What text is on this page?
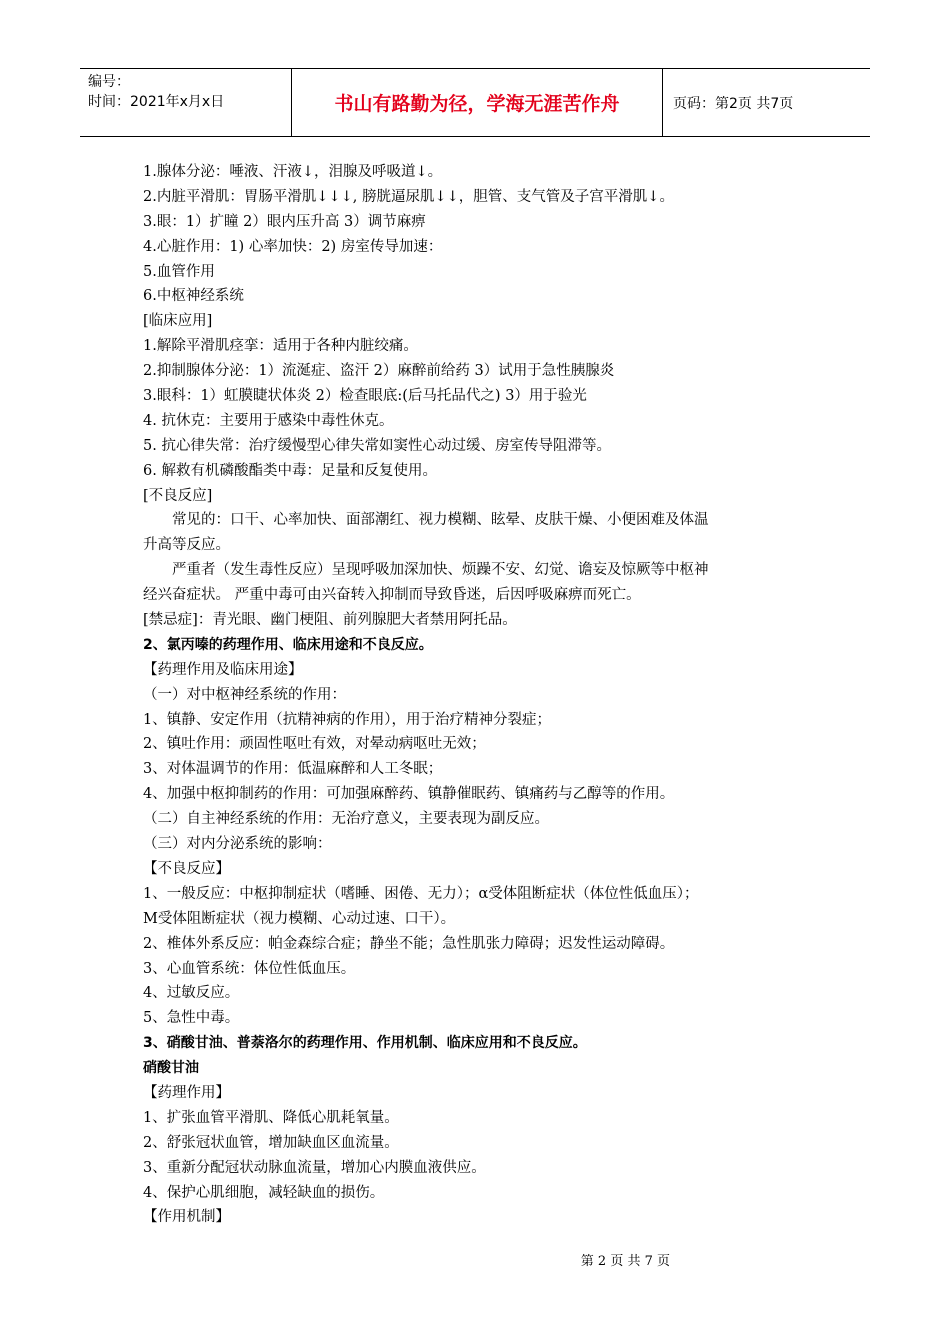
编号：
时间：2021年x月x日	书山有路勤为径，学海无涯苦作舟	页码：第2页 共7页
1.腺体分泌：唾液、汗液↓，泪腺及呼吸道↓。
2.内脏平滑肌：胃肠平滑肌↓↓↓, 膀胱逼尿肌↓↓，胆管、支气管及子宫平滑肌↓。
3.眼：1）扩瞳 2）眼内压升高 3）调节麻痹
4.心脏作用：1) 心率加快：2) 房室传导加速：
5.血管作用
6.中枢神经系统
[临床应用]
1.解除平滑肌痉挛：适用于各种内脏绞痛。
2.抑制腺体分泌：1）流涎症、盗汗 2）麻醉前给药 3）试用于急性胰腺炎
3.眼科：1）虹膜睫状体炎 2）检查眼底:(后马托品代之) 3）用于验光
4. 抗休克：主要用于感染中毒性休克。
5. 抗心律失常：治疗缓慢型心律失常如窦性心动过缓、房室传导阻滞等。
6. 解救有机磷酸酯类中毒：足量和反复使用。
[不良反应]
常见的：口干、心率加快、面部潮红、视力模糊、眩晕、皮肤干燥、小便困难及体温
升高等反应。
严重者（发生毒性反应）呈现呼吸加深加快、烦躁不安、幻觉、谵妄及惊厥等中枢神
经兴奋症状。 严重中毒可由兴奋转入抑制而导致昏迷，后因呼吸麻痹而死亡。
[禁忌症]：青光眼、幽门梗阻、前列腺肥大者禁用阿托品。
2、氯丙嗪的药理作用、临床用途和不良反应。
【药理作用及临床用途】
（一）对中枢神经系统的作用：
1、镇静、安定作用（抗精神病的作用），用于治疗精神分裂症；
2、镇吐作用：顽固性呕吐有效，对晕动病呕吐无效；
3、对体温调节的作用：低温麻醉和人工冬眠；
4、加强中枢抑制药的作用：可加强麻醉药、镇静催眠药、镇痛药与乙醇等的作用。
（二）自主神经系统的作用：无治疗意义，主要表现为副反应。
（三）对内分泌系统的影响：
【不良反应】
1、一般反应：中枢抑制症状（嗜睡、困倦、无力）；α受体阻断症状（体位性低血压）；
M受体阻断症状（视力模糊、心动过速、口干）。
2、椎体外系反应：帕金森综合症；静坐不能；急性肌张力障碍；迟发性运动障碍。
3、心血管系统：体位性低血压。
4、过敏反应。
5、急性中毒。
3、硝酸甘油、普萘洛尔的药理作用、作用机制、临床应用和不良反应。
硝酸甘油
【药理作用】
1、扩张血管平滑肌、降低心肌耗氧量。
2、舒张冠状血管，增加缺血区血流量。
3、重新分配冠状动脉血流量，增加心内膜血液供应。
4、保护心肌细胞，减轻缺血的损伤。
【作用机制】
第 2 页 共 7 页
